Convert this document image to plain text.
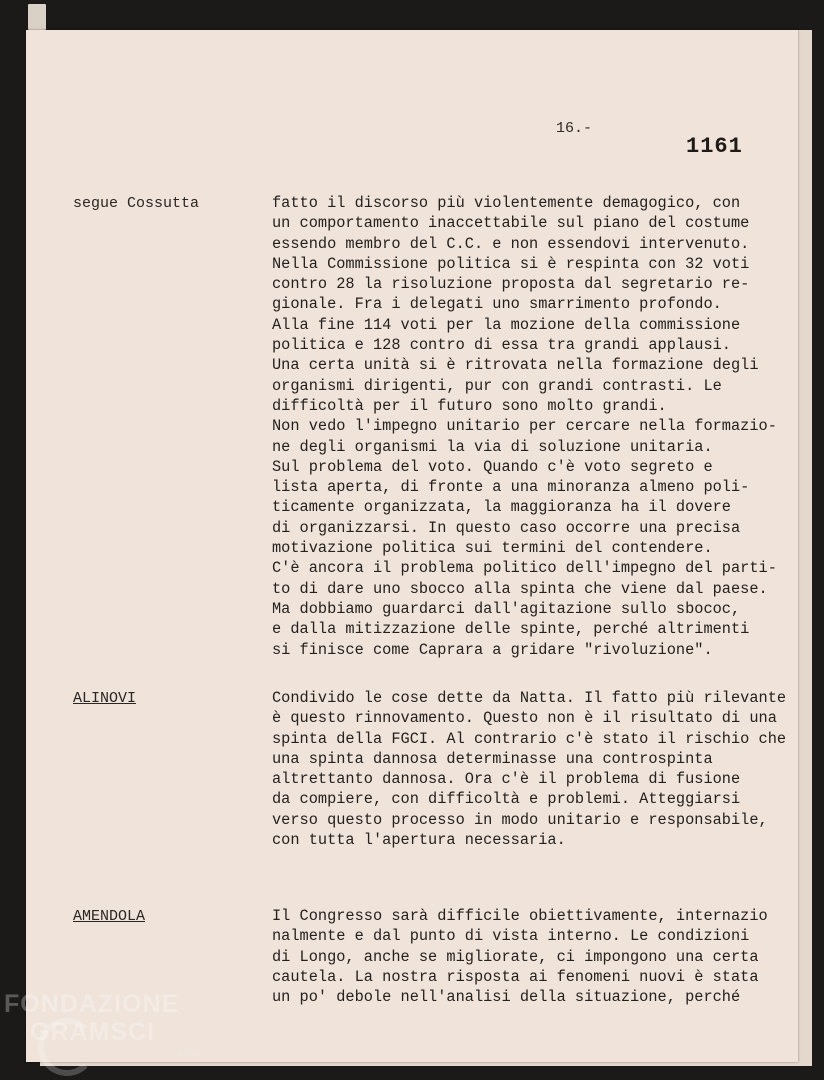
16.-
1161
segue Cossutta	fatto il discorso più violentemente demagogico, con
un comportamento inaccettabile sul piano del costume
essendo membro del C.C. e non essendovi intervenuto.
Nella Commissione politica si è respinta con 32 voti
contro 28 la risoluzione proposta dal segretario re-
gionale. Fra i delegati uno smarrimento profondo.
Alla fine 114 voti per la mozione della commissione
politica e 128 contro di essa tra grandi applausi.
Una certa unità si è ritrovata nella formazione degli
organismi dirigenti, pur con grandi contrasti. Le
difficoltà per il futuro sono molto grandi.
Non vedo l'impegno unitario per cercare nella formazio-
ne degli organismi la via di soluzione unitaria.
Sul problema del voto. Quando c'è voto segreto e
lista aperta, di fronte a una minoranza almeno poli-
ticamente organizzata, la maggioranza ha il dovere
di organizzarsi. In questo caso occorre una precisa
motivazione politica sui termini del contendere.
C'è ancora il problema politico dell'impegno del parti-
to di dare uno sbocco alla spinta che viene dal paese.
Ma dobbiamo guardarci dall'agitazione sullo sbococ,
e dalla mitizzazione delle spinte, perché altrimenti
si finisce come Caprara a gridare "rivoluzione".
ALINOVI	Condivido le cose dette da Natta. Il fatto più rilevante
è questo rinnovamento. Questo non è il risultato di una
spinta della FGCI. Al contrario c'è stato il rischio che
una spinta dannosa determinasse una controspinta
altrettanto dannosa. Ora c'è il problema di fusione
da compiere, con difficoltà e problemi. Atteggiarsi
verso questo processo in modo unitario e responsabile,
con tutta l'apertura necessaria.
AMENDOLA	Il Congresso sarà difficile obiettivamente, internazio
nalmente e dal punto di vista interno. Le condizioni
di Longo, anche se migliorate, ci impongono una certa
cautela. La nostra risposta ai fenomeni nuovi è stata
un po' debole nell'analisi della situazione, perché
FONDAZIONE
GRAMSCI
onlus
